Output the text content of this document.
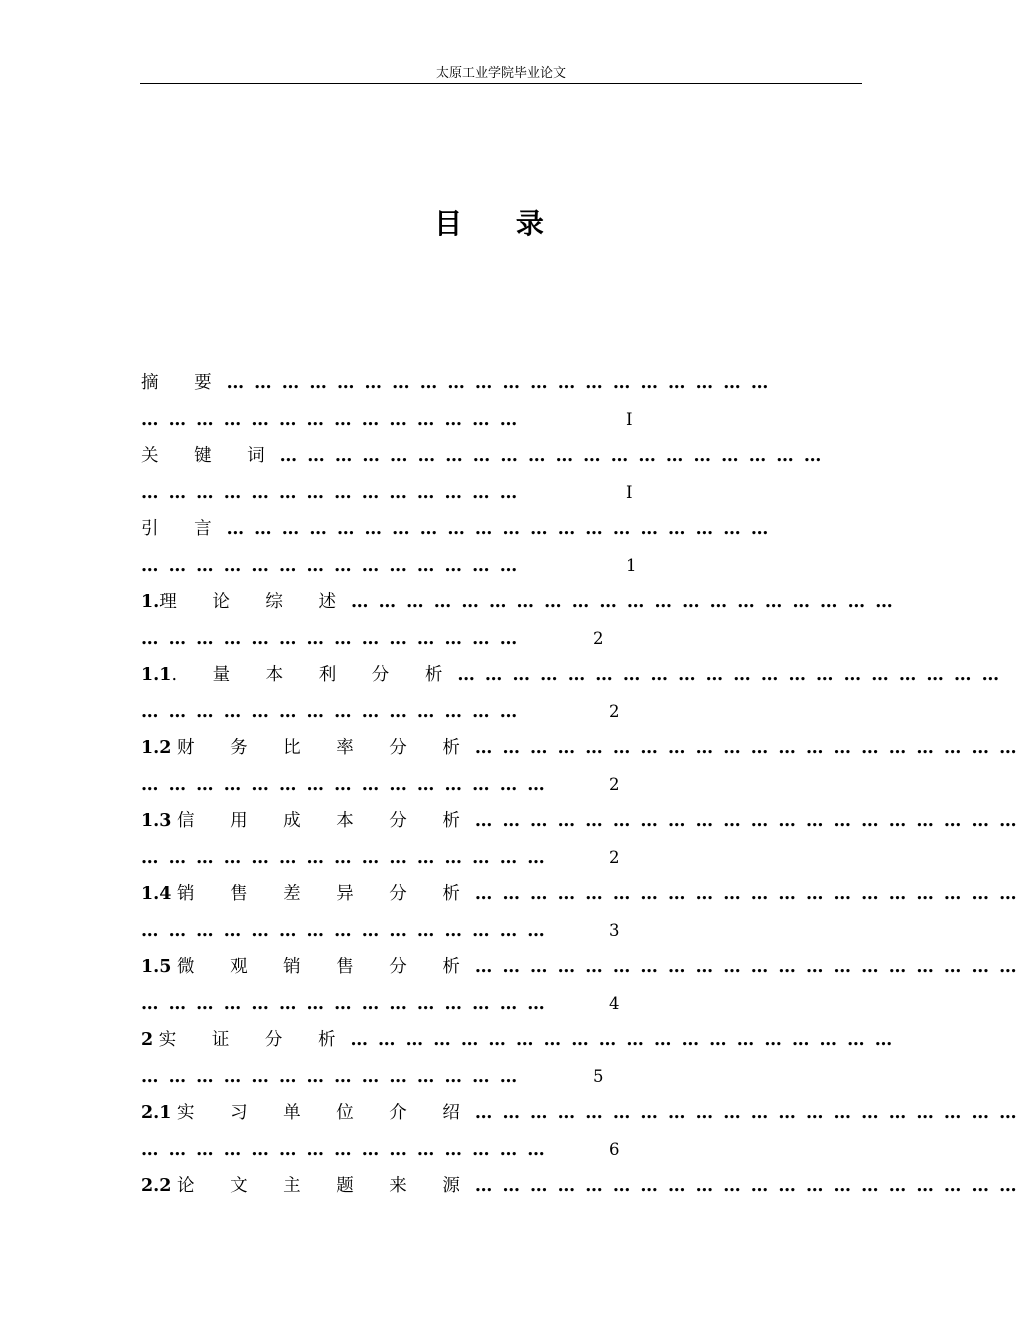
太原工业学院毕业论文
目 录
摘 要… … … … … … … … … … … … … … … … … … … …
… … … … … … … … … … … … … …	I
关 键 词… … … … … … … … … … … … … … … … … … … …
… … … … … … … … … … … … … …	I
引 言… … … … … … … … … … … … … … … … … … … …
… … … … … … … … … … … … … …	1
1.理 论 综 述… … … … … … … … … … … … … … … … … … … …
… … … … … … … … … … … … … …	2
1.1. 量 本 利 分 析… … … … … … … … … … … … … … … … … … … …
… … … … … … … … … … … … … …	2
1.2 财 务 比 率 分 析… … … … … … … … … … … … … … … … … … … …
… … … … … … … … … … … … … … …	2
1.3 信 用 成 本 分 析… … … … … … … … … … … … … … … … … … … …
… … … … … … … … … … … … … … …	2
1.4 销 售 差 异 分 析… … … … … … … … … … … … … … … … … … … …
… … … … … … … … … … … … … … …	3
1.5 微 观 销 售 分 析… … … … … … … … … … … … … … … … … … … …
… … … … … … … … … … … … … … …	4
2 实 证 分 析… … … … … … … … … … … … … … … … … … … …
… … … … … … … … … … … … … …	5
2.1 实 习 单 位 介 绍… … … … … … … … … … … … … … … … … … … …
… … … … … … … … … … … … … … …	6
2.2 论 文 主 题 来 源… … … … … … … … … … … … … … … … … … … …
